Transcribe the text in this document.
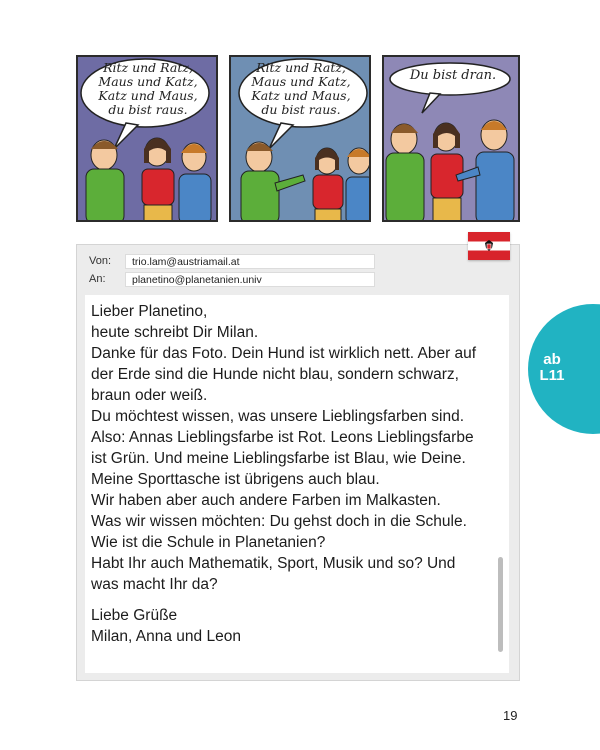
Ritz und Ratz,
Maus und Katz,
Katz und Maus,
du bist raus.
Ritz und Ratz,
Maus und Katz,
Katz und Maus,
du bist raus.
Du bist dran.
Von:	trio.lam@austriamail.at
An:	planetino@planetanien.univ

Lieber Planetino,

heute schreibt Dir Milan.

Danke für das Foto. Dein Hund ist wirklich nett. Aber auf

der Erde sind die Hunde nicht blau, sondern schwarz,

braun oder weiß.

Du möchtest wissen, was unsere Lieblingsfarben sind.

Also: Annas Lieblingsfarbe ist Rot. Leons Lieblingsfarbe

ist Grün. Und meine Lieblingsfarbe ist Blau, wie Deine.

Meine Sporttasche ist übrigens auch blau.

Wir haben aber auch andere Farben im Malkasten.

Was wir wissen möchten: Du gehst doch in die Schule.

Wie ist die Schule in Planetanien?

Habt Ihr auch Mathematik, Sport, Musik und so? Und

was macht Ihr da?

Liebe Grüße

Milan, Anna und Leon

ab
L11
19
